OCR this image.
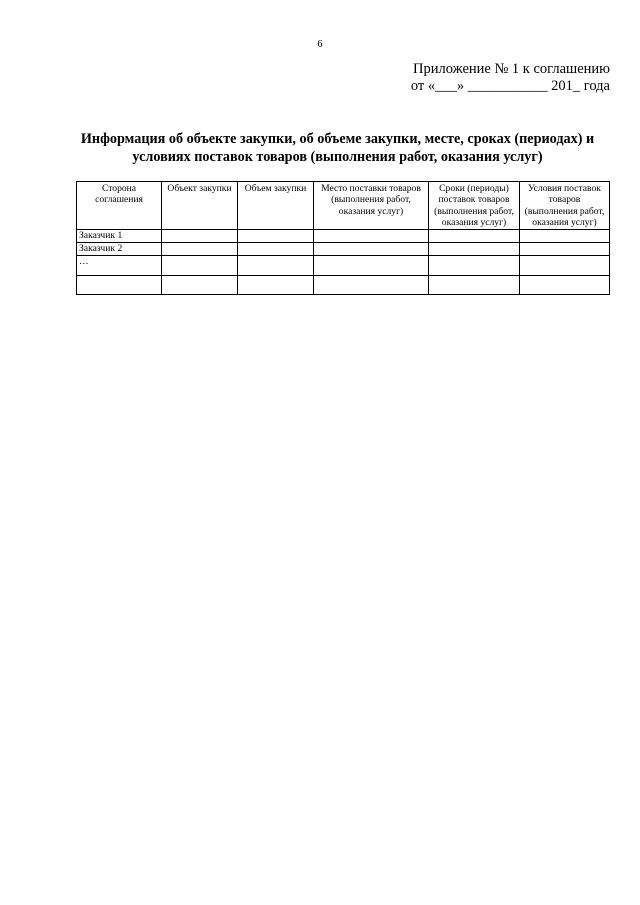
6
Приложение № 1 к соглашению
от «___» ___________ 201_ года
Информация об объекте закупки, об объеме закупки, месте, сроках (периодах) и условиях поставок товаров (выполнения работ, оказания услуг)
Сторона соглашения	Объект закупки	Объем закупки	Место поставки товаров (выполнения работ, оказания услуг)	Сроки (периоды) поставок товаров (выполнения работ, оказания услуг)	Условия поставок товаров (выполнения работ, оказания услуг)
Заказчик 1					
Заказчик 2					
…					
